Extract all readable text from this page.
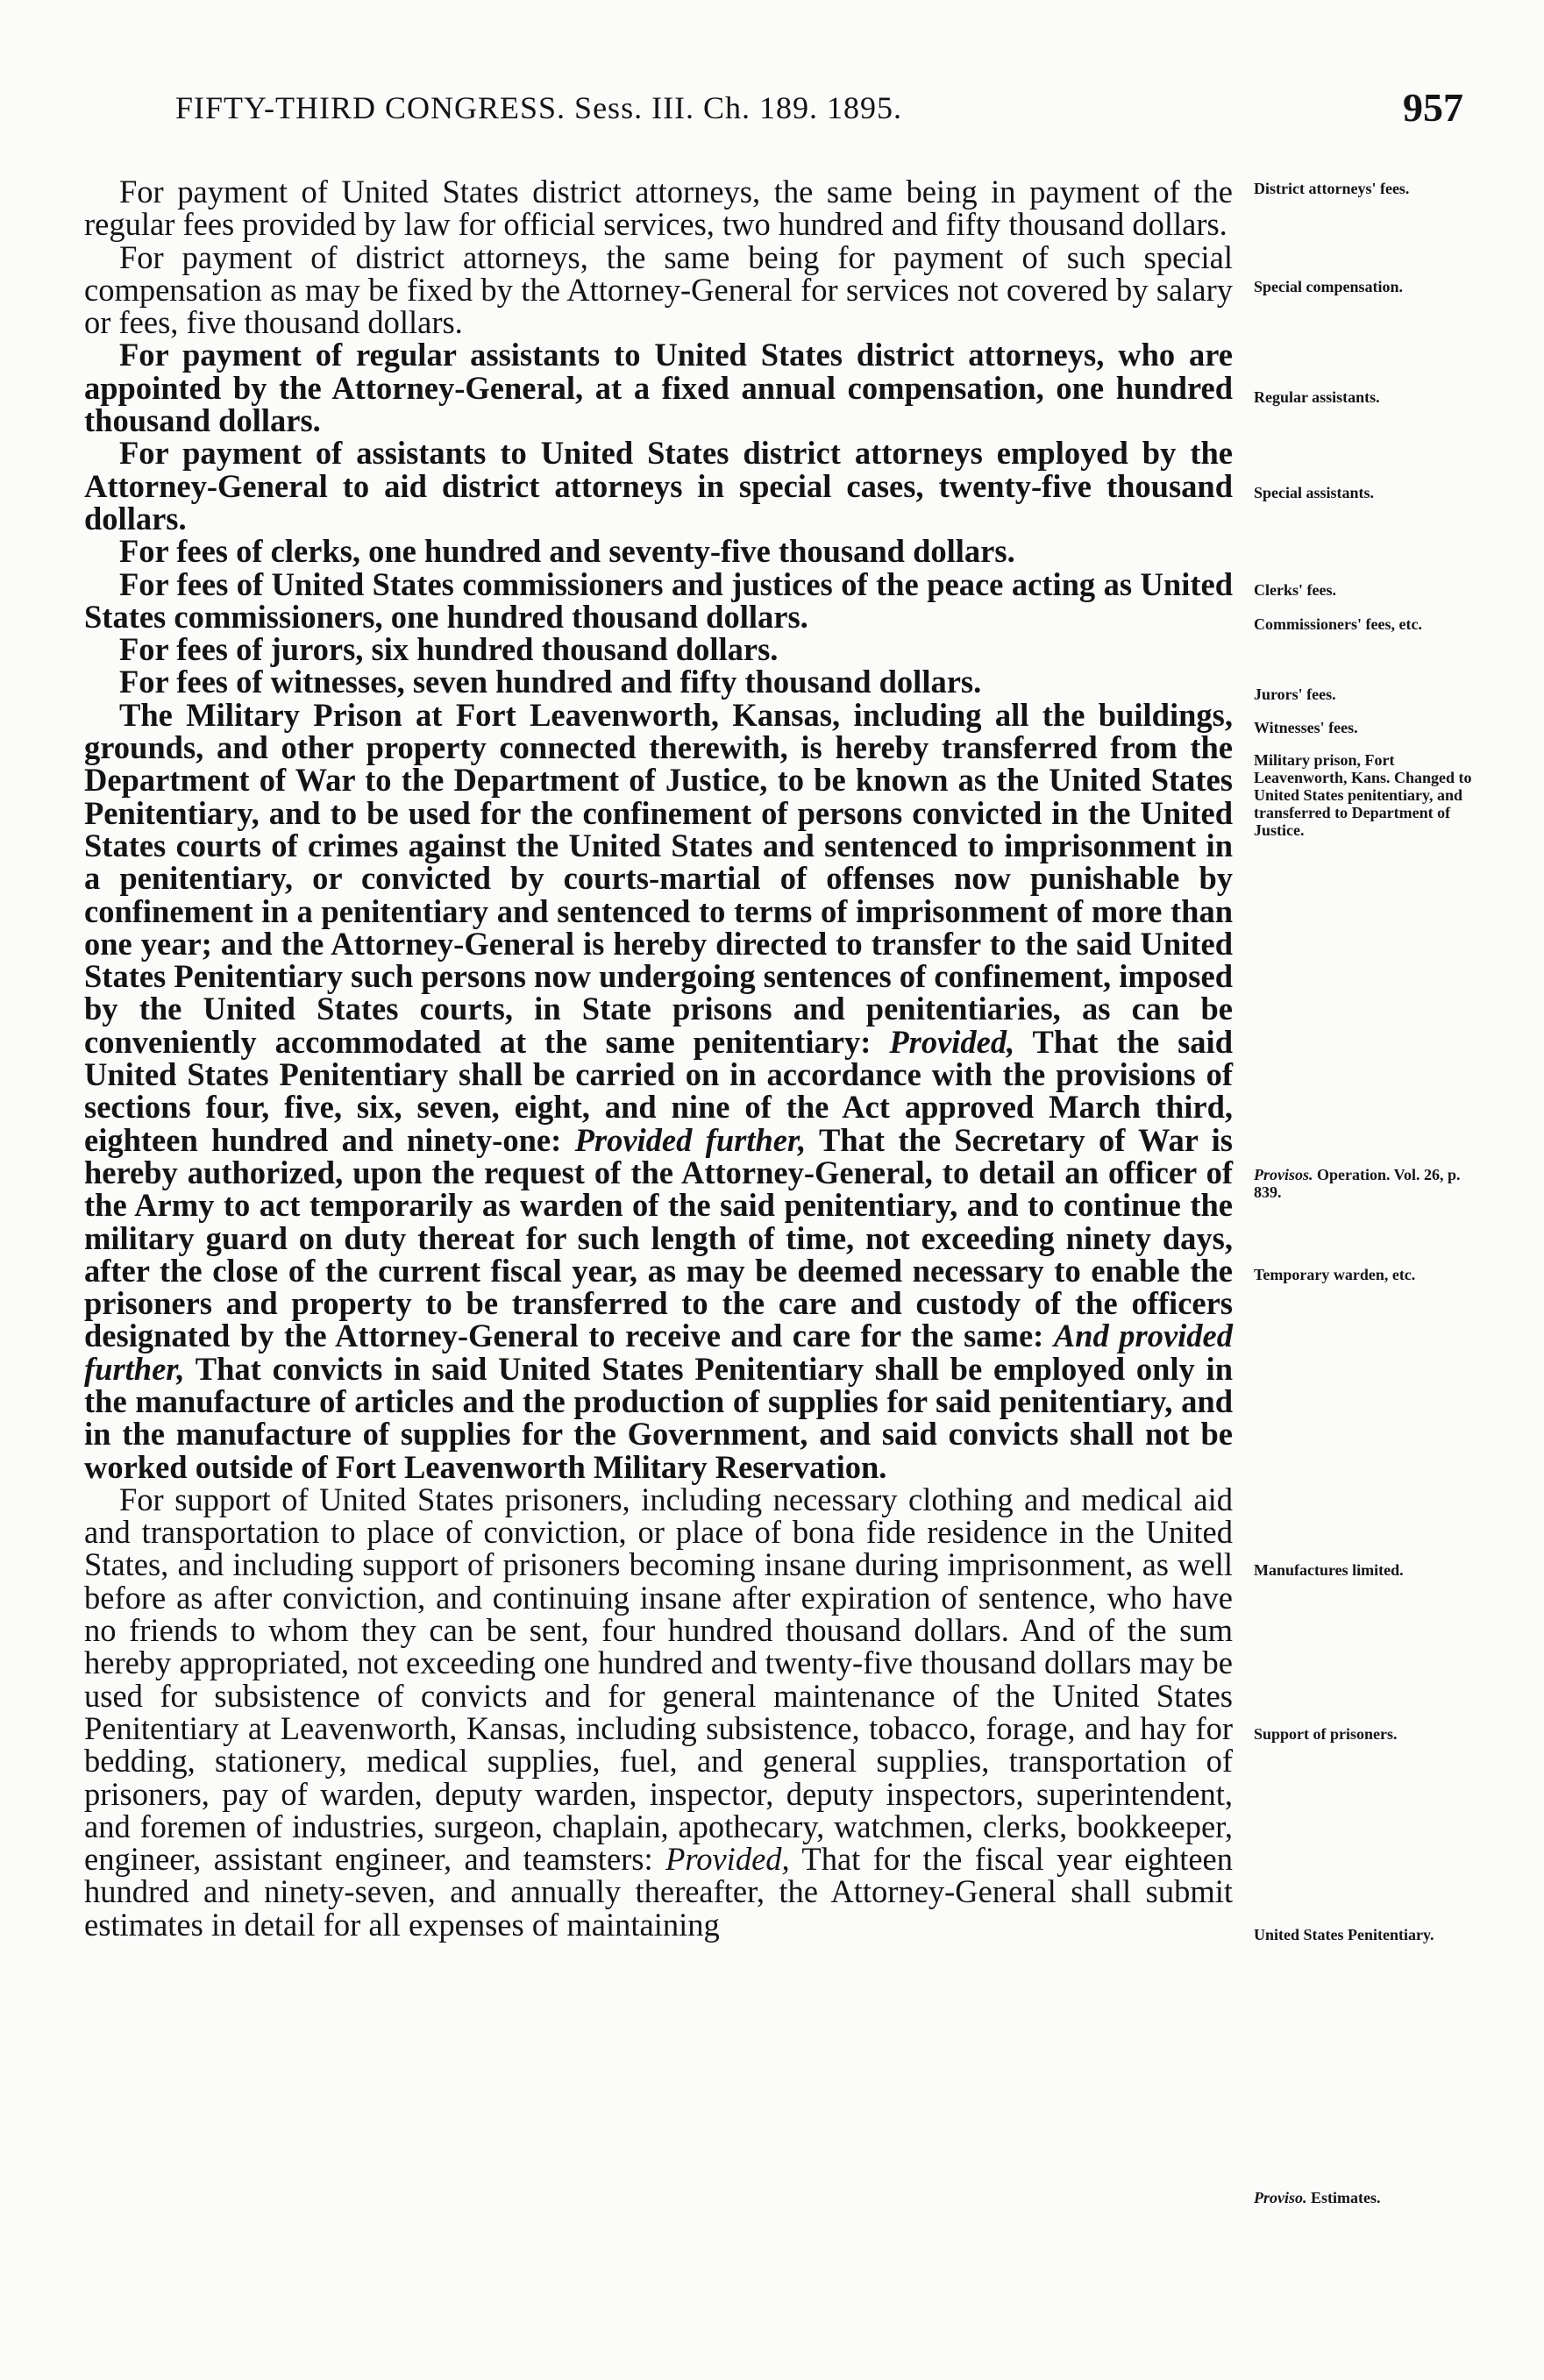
FIFTY-THIRD CONGRESS. Sess. III. Ch. 189. 1895.	957

For payment of United States district attorneys, the same being in payment of the regular fees provided by law for official services, two hundred and fifty thousand dollars.

For payment of district attorneys, the same being for payment of such special compensation as may be fixed by the Attorney-General for services not covered by salary or fees, five thousand dollars.

For payment of regular assistants to United States district attorneys, who are appointed by the Attorney-General, at a fixed annual compensation, one hundred thousand dollars.

For payment of assistants to United States district attorneys employed by the Attorney-General to aid district attorneys in special cases, twenty-five thousand dollars.

For fees of clerks, one hundred and seventy-five thousand dollars.

For fees of United States commissioners and justices of the peace acting as United States commissioners, one hundred thousand dollars.

For fees of jurors, six hundred thousand dollars.

For fees of witnesses, seven hundred and fifty thousand dollars.

The Military Prison at Fort Leavenworth, Kansas, including all the buildings, grounds, and other property connected therewith, is hereby transferred from the Department of War to the Department of Justice, to be known as the United States Penitentiary, and to be used for the confinement of persons convicted in the United States courts of crimes against the United States and sentenced to imprisonment in a penitentiary, or convicted by courts-martial of offenses now punishable by confinement in a penitentiary and sentenced to terms of imprisonment of more than one year; and the Attorney-General is hereby directed to transfer to the said United States Penitentiary such persons now undergoing sentences of confinement, imposed by the United States courts, in State prisons and penitentiaries, as can be conveniently accommodated at the same penitentiary: Provided, That the said United States Penitentiary shall be carried on in accordance with the provisions of sections four, five, six, seven, eight, and nine of the Act approved March third, eighteen hundred and ninety-one: Provided further, That the Secretary of War is hereby authorized, upon the request of the Attorney-General, to detail an officer of the Army to act temporarily as warden of the said penitentiary, and to continue the military guard on duty thereat for such length of time, not exceeding ninety days, after the close of the current fiscal year, as may be deemed necessary to enable the prisoners and property to be transferred to the care and custody of the officers designated by the Attorney-General to receive and care for the same: And provided further, That convicts in said United States Penitentiary shall be employed only in the manufacture of articles and the production of supplies for said penitentiary, and in the manufacture of supplies for the Government, and said convicts shall not be worked outside of Fort Leavenworth Military Reservation.

For support of United States prisoners, including necessary clothing and medical aid and transportation to place of conviction, or place of bona fide residence in the United States, and including support of prisoners becoming insane during imprisonment, as well before as after conviction, and continuing insane after expiration of sentence, who have no friends to whom they can be sent, four hundred thousand dollars. And of the sum hereby appropriated, not exceeding one hundred and twenty-five thousand dollars may be used for subsistence of convicts and for general maintenance of the United States Penitentiary at Leavenworth, Kansas, including subsistence, tobacco, forage, and hay for bedding, stationery, medical supplies, fuel, and general supplies, transportation of prisoners, pay of warden, deputy warden, inspector, deputy inspectors, superintendent, and foremen of industries, surgeon, chaplain, apothecary, watchmen, clerks, bookkeeper, engineer, assistant engineer, and teamsters: Provided, That for the fiscal year eighteen hundred and ninety-seven, and annually thereafter, the Attorney-General shall submit estimates in detail for all expenses of maintaining

District attorneys' fees.
Special compensation.
Regular assistants.
Special assistants.
Clerks' fees.
Commissioners' fees, etc.
Jurors' fees.
Witnesses' fees.
Military prison, Fort Leavenworth, Kans. Changed to United States penitentiary, and transferred to Department of Justice.
Provisos. Operation. Vol. 26, p. 839.
Temporary warden, etc.
Manufactures limited.
Support of prisoners.
United States Penitentiary.
Proviso. Estimates.
